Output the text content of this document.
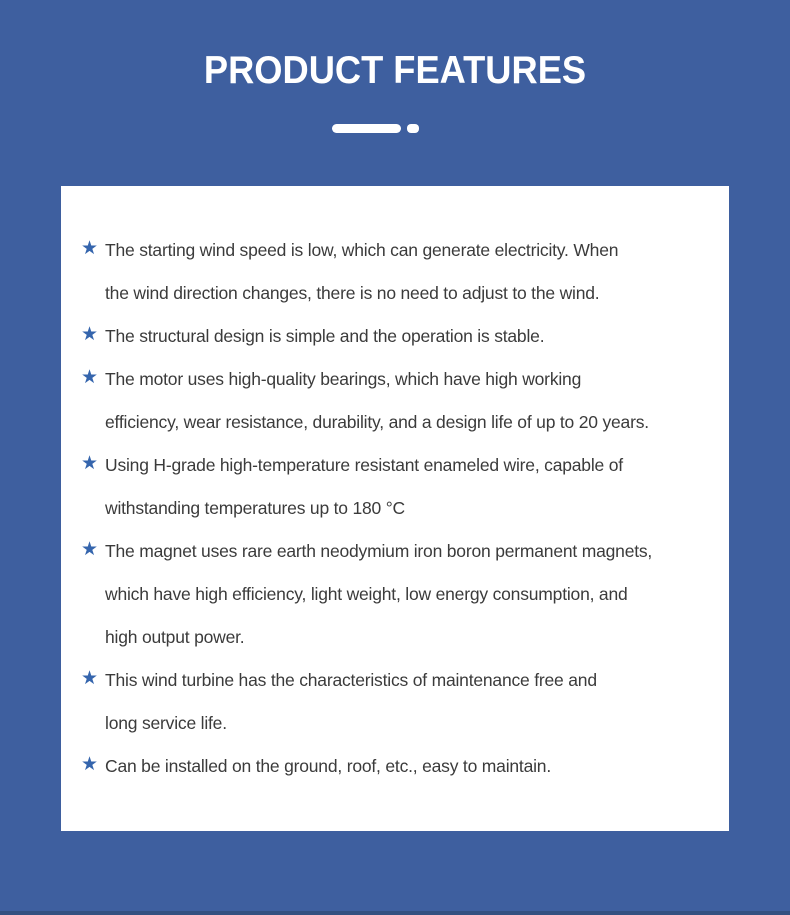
PRODUCT FEATURES
★ The starting wind speed is low, which can generate electricity. When
the wind direction changes, there is no need to adjust to the wind.
★ The structural design is simple and the operation is stable.
★ The motor uses high-quality bearings, which have high working
efficiency, wear resistance, durability, and a design life of up to 20 years.
★ Using H-grade high-temperature resistant enameled wire, capable of
withstanding temperatures up to 180 °C
★ The magnet uses rare earth neodymium iron boron permanent magnets,
which have high efficiency, light weight, low energy consumption, and
high output power.
★ This wind turbine has the characteristics of maintenance free and
long service life.
★ Can be installed on the ground, roof, etc., easy to maintain.
